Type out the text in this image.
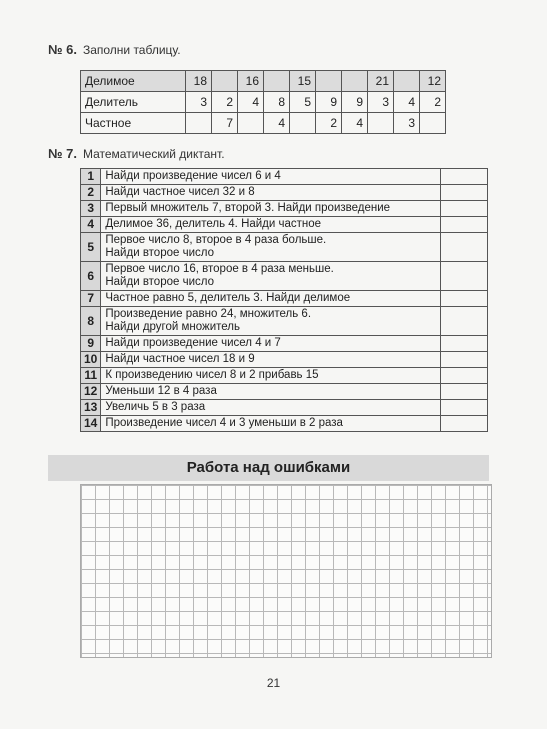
№ 6. Заполни таблицу.
Делимое	18		16		15			21		12
Делитель	3	2	4	8	5	9	9	3	4	2
Частное		7		4		2	4		3	
№ 7. Математический диктант.
1	Найди произведение чисел 6 и 4	
2	Найди частное чисел 32 и 8	
3	Первый множитель 7, второй 3. Найди произведение	
4	Делимое 36, делитель 4. Найди частное	
5	Первое число 8, второе в 4 раза больше.
Найди второе число	

6	Первое число 16, второе в 4 раза меньше.
Найди второе число	

7	Частное равно 5, делитель 3. Найди делимое	
8	Произведение равно 24, множитель 6.
Найди другой множитель	

9	Найди произведение чисел 4 и 7	
10	Найди частное чисел 18 и 9	
11	К произведению чисел 8 и 2 прибавь 15	
12	Уменьши 12 в 4 раза	
13	Увеличь 5 в 3 раза	
14	Произведение чисел 4 и 3 уменьши в 2 раза	
Работа над ошибками
21
